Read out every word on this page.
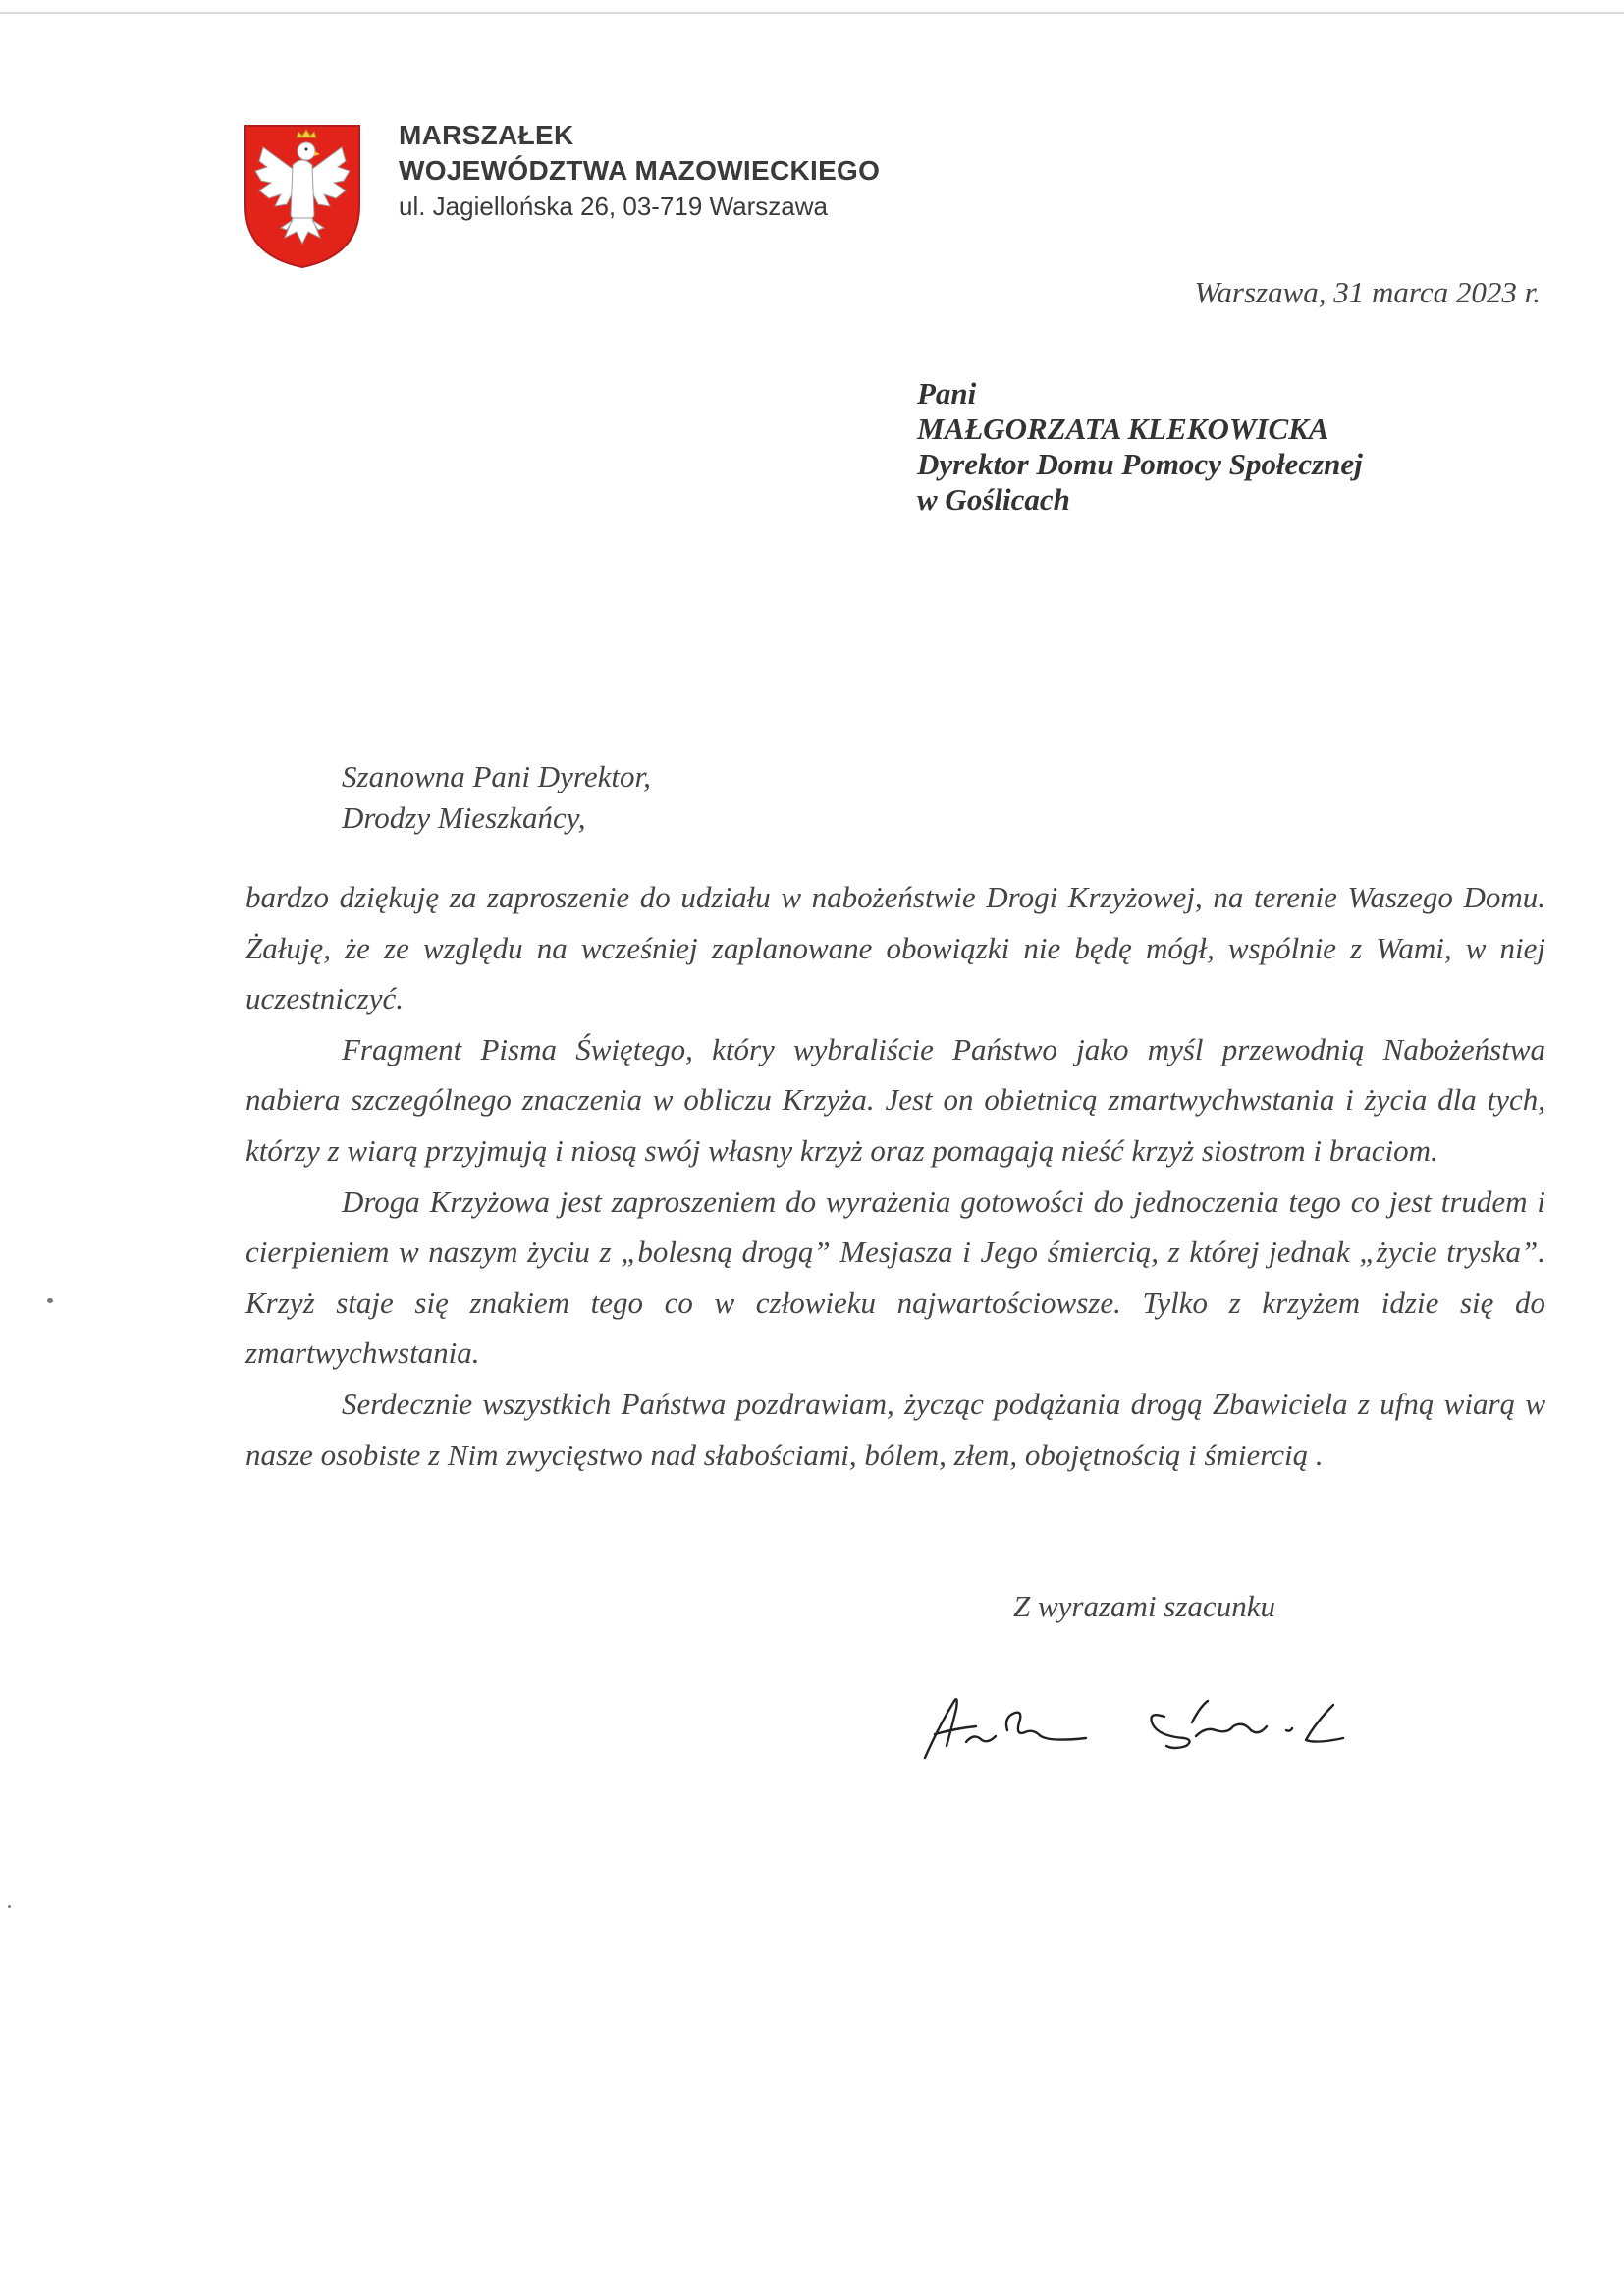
MARSZAŁEK
WOJEWÓDZTWA MAZOWIECKIEGO
ul. Jagiellońska 26, 03-719 Warszawa
Warszawa, 31 marca 2023 r.
Pani
MAŁGORZATA KLEKOWICKA
Dyrektor Domu Pomocy Społecznej
w Goślicach
Szanowna Pani Dyrektor,
Drodzy Mieszkańcy,

bardzo dziękuję za zaproszenie do udziału w nabożeństwie Drogi Krzyżowej, na terenie Waszego Domu. Żałuję, że ze względu na wcześniej zaplanowane obowiązki nie będę mógł, wspólnie z Wami, w niej uczestniczyć.

Fragment Pisma Świętego, który wybraliście Państwo jako myśl przewodnią Nabożeństwa nabiera szczególnego znaczenia w obliczu Krzyża. Jest on obietnicą zmartwychwstania i życia dla tych, którzy z wiarą przyjmują i niosą swój własny krzyż oraz pomagają nieść krzyż siostrom i braciom.

Droga Krzyżowa jest zaproszeniem do wyrażenia gotowości do jednoczenia tego co jest trudem i cierpieniem w naszym życiu z „bolesną drogą” Mesjasza i Jego śmiercią, z której jednak „życie tryska”. Krzyż staje się znakiem tego co w człowieku najwartościowsze. Tylko z krzyżem idzie się do zmartwychwstania.

Serdecznie wszystkich Państwa pozdrawiam, życząc podążania drogą Zbawiciela z ufną wiarą w nasze osobiste z Nim zwycięstwo nad słabościami, bólem, złem, obojętnością i śmiercią .

Z wyrazami szacunku
